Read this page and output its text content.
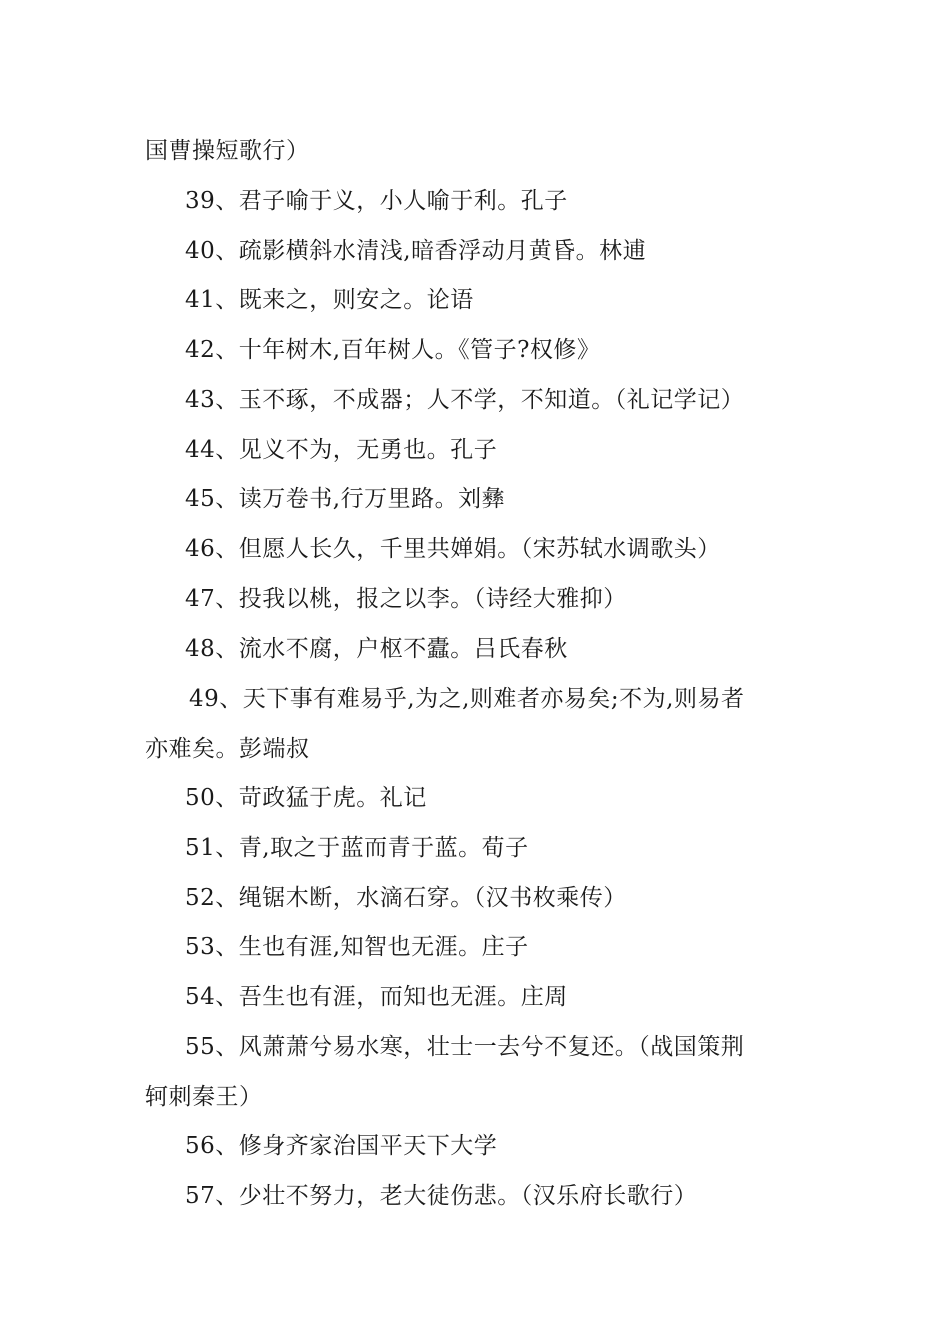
国曹操短歌行）
39、君子喻于义，小人喻于利。孔子
40、疏影横斜水清浅,暗香浮动月黄昏。林逋
41、既来之，则安之。论语
42、十年树木,百年树人。《管子?权修》
43、玉不琢，不成器；人不学，不知道。（礼记学记）
44、见义不为，无勇也。孔子
45、读万卷书,行万里路。刘彝
46、但愿人长久，千里共婵娟。（宋苏轼水调歌头）
47、投我以桃，报之以李。（诗经大雅抑）
48、流水不腐，户枢不蠹。吕氏春秋
49、天下事有难易乎,为之,则难者亦易矣;不为,则易者
亦难矣。彭端叔
50、苛政猛于虎。礼记
51、青,取之于蓝而青于蓝。荀子
52、绳锯木断，水滴石穿。（汉书枚乘传）
53、生也有涯,知智也无涯。庄子
54、吾生也有涯，而知也无涯。庄周
55、风萧萧兮易水寒，壮士一去兮不复还。（战国策荆
轲刺秦王）
56、修身齐家治国平天下大学
57、少壮不努力，老大徒伤悲。（汉乐府长歌行）
